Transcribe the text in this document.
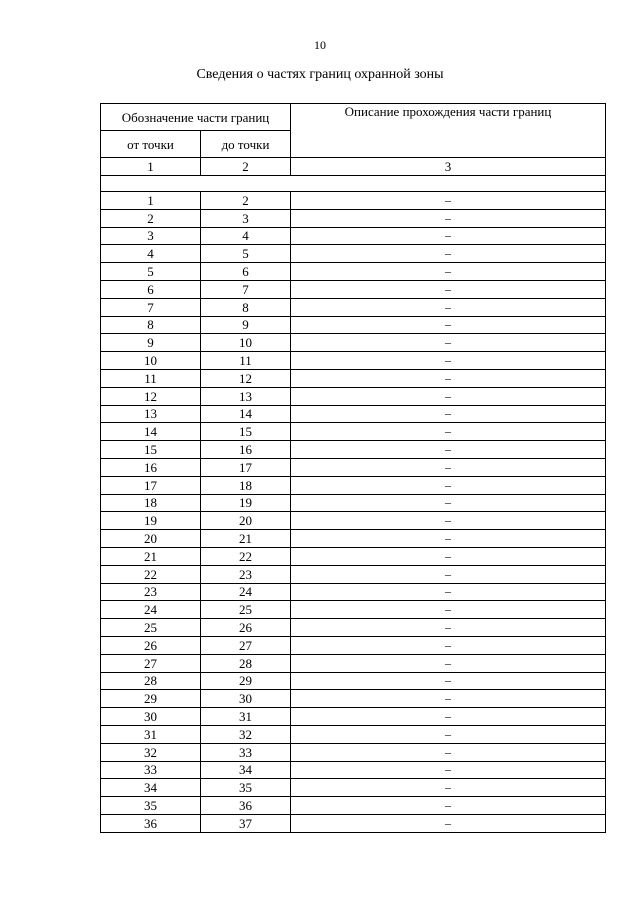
10
Сведения о частях границ охранной зоны
Обозначение части границ		Описание прохождения части границ
от точки	до точки	
1	2	3

1	2	–
2	3	–
3	4	–
4	5	–
5	6	–
6	7	–
7	8	–
8	9	–
9	10	–
10	11	–
11	12	–
12	13	–
13	14	–
14	15	–
15	16	–
16	17	–
17	18	–
18	19	–
19	20	–
20	21	–
21	22	–
22	23	–
23	24	–
24	25	–
25	26	–
26	27	–
27	28	–
28	29	–
29	30	–
30	31	–
31	32	–
32	33	–
33	34	–
34	35	–
35	36	–
36	37	–
